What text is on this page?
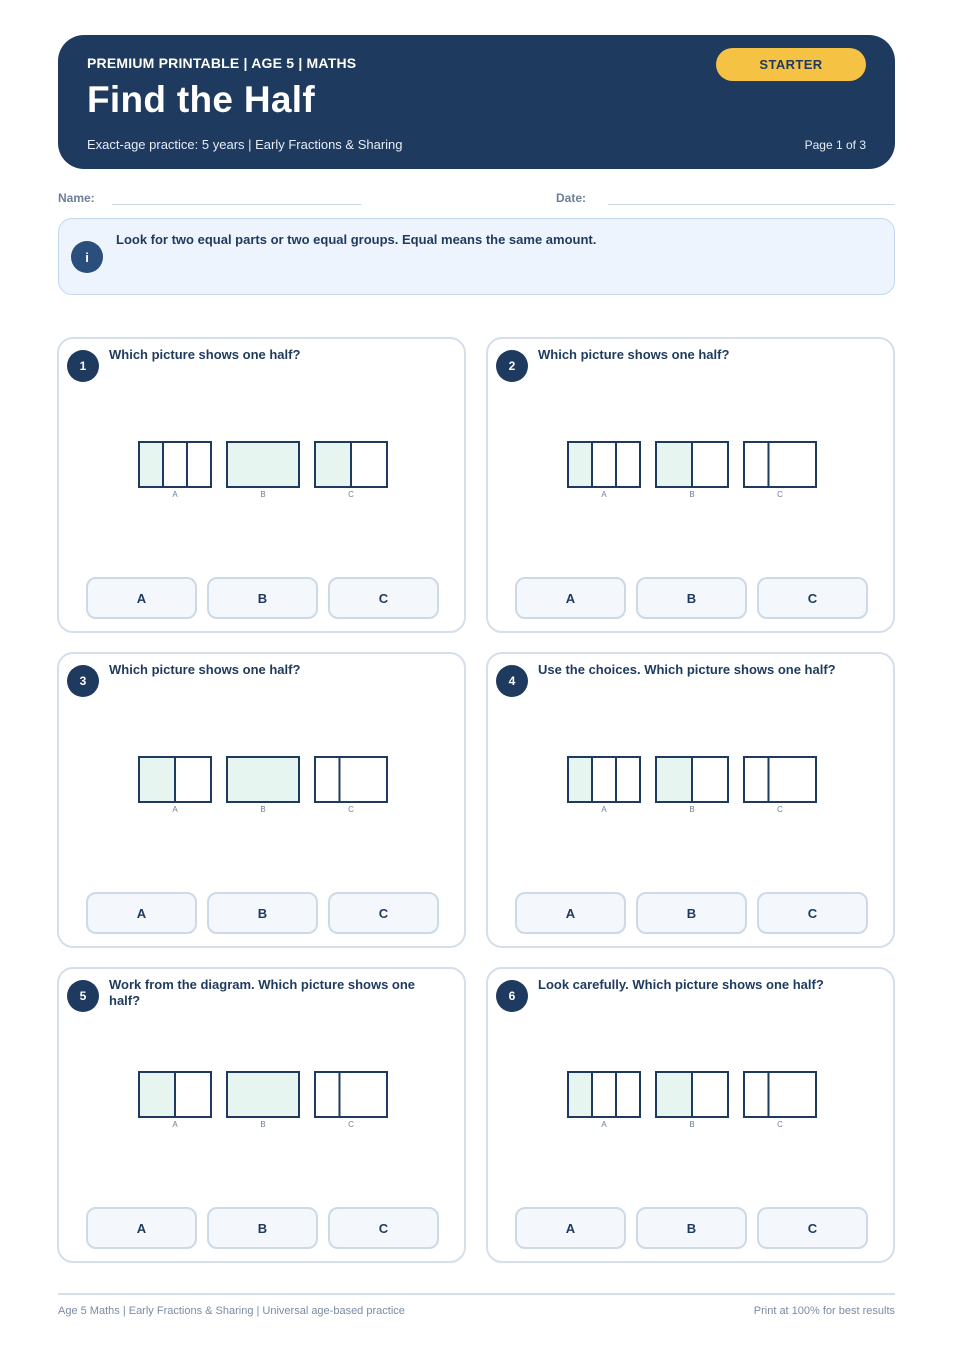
PREMIUM PRINTABLE | AGE 5 | MATHS
Find the Half
Exact-age practice: 5 years | Early Fractions & Sharing	Page 1 of 3
STARTER
Name:	Date:
i
Look for two equal parts or two equal groups. Equal means the same amount.
1
Which picture shows one half?
A	B	C
A	B	C
2
Which picture shows one half?
A	B	C
A	B	C
3
Which picture shows one half?
A	B	C
A	B	C
4
Use the choices. Which picture shows one half?
A	B	C
A	B	C
5
Work from the diagram. Which picture shows one half?
A	B	C
A	B	C
6
Look carefully. Which picture shows one half?
A	B	C
A	B	C
Age 5 Maths | Early Fractions & Sharing | Universal age-based practice	Print at 100% for best results
